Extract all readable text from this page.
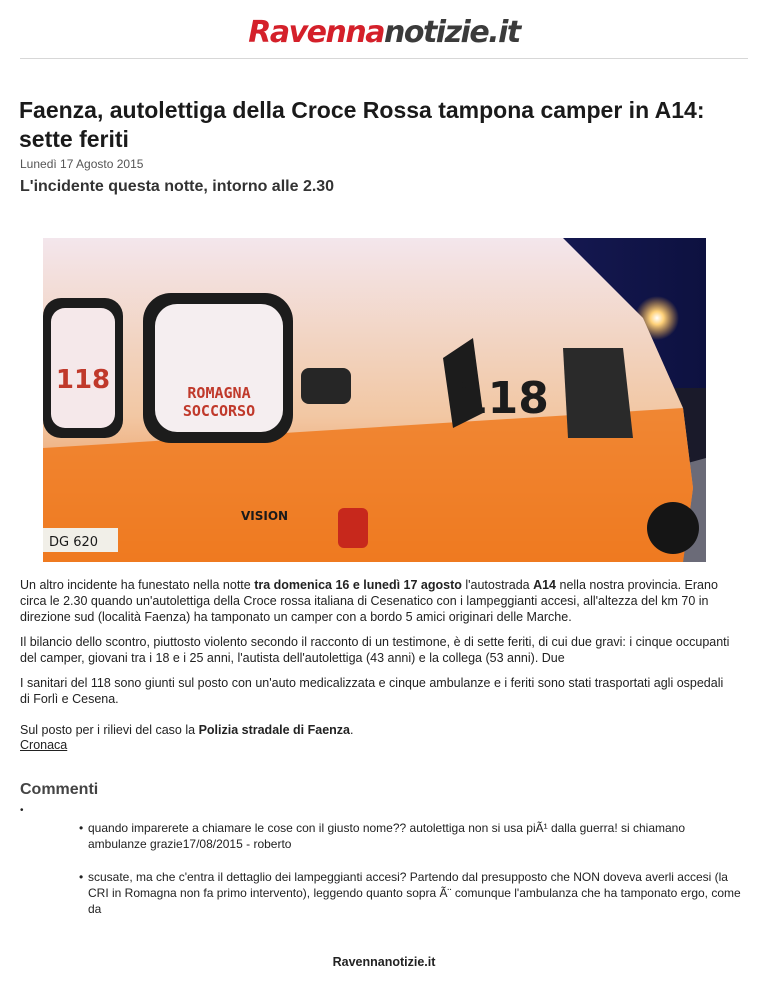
Ravennanotizie.it
Faenza, autolettiga della Croce Rossa tampona camper in A14: sette feriti
Lunedì 17 Agosto 2015
L'incidente questa notte, intorno alle 2.30
ROMAGNA
SOCCORSO
118	118
VISION
DG 620

Un altro incidente ha funestato nella notte tra domenica 16 e lunedì 17 agosto l'autostrada A14 nella nostra provincia. Erano circa le 2.30 quando un'autolettiga della Croce rossa italiana di Cesenatico con i lampeggianti accesi, all'altezza del km 70 in direzione sud (località Faenza) ha tamponato un camper con a bordo 5 amici originari delle Marche.

Il bilancio dello scontro, piuttosto violento secondo il racconto di un testimone, è di sette feriti, di cui due gravi: i cinque occupanti del camper, giovani tra i 18 e i 25 anni, l'autista dell'autolettiga (43 anni) e la collega (53 anni). Due

I sanitari del 118 sono giunti sul posto con un'auto medicalizzata e cinque ambulanze e i feriti sono stati trasportati agli ospedali di Forlì e Cesena.

Sul posto per i rilievi del caso la Polizia stradale di Faenza.

Cronaca
Commenti
•
• quando imparerete a chiamare le cose con il giusto nome?? autolettiga non si usa piÃ¹ dalla guerra! si chiamano ambulanze grazie17/08/2015 - roberto
• scusate, ma che c'entra il dettaglio dei lampeggianti accesi? Partendo dal presupposto che NON doveva averli accesi (la CRI in Romagna non fa primo intervento), leggendo quanto sopra Ã¨ comunque l'ambulanza che ha tamponato ergo, come da
Ravennanotizie.it
